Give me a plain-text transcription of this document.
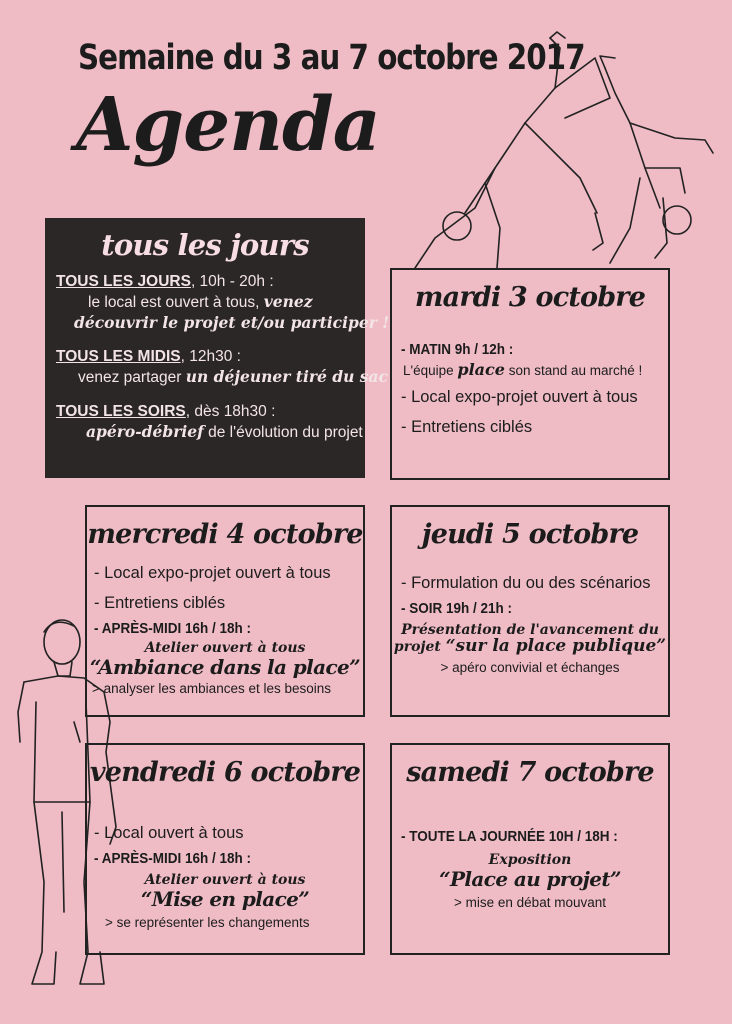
Semaine du 3 au 7 octobre 2017
Agenda
tous les jours
TOUS LES JOURS, 10h - 20h :
le local est ouvert à tous, venez
découvrir le projet et/ou participer !
TOUS LES MIDIS, 12h30 :
venez partager un déjeuner tiré du sac
TOUS LES SOIRS, dès 18h30 :
apéro-débrief de l'évolution du projet
mardi 3 octobre
- MATIN 9h / 12h :
L'équipe place son stand au marché !
- Local expo-projet ouvert à tous
- Entretiens ciblés
mercredi 4 octobre
- Local expo-projet ouvert à tous
- Entretiens ciblés
- APRÈS-MIDI 16h / 18h :
Atelier ouvert à tous
“Ambiance dans la place”
> analyser les ambiances et les besoins
jeudi 5 octobre
- Formulation du ou des scénarios
- SOIR 19h / 21h :
Présentation de l'avancement du
projet “sur la place publique”
> apéro convivial et échanges
vendredi 6 octobre
- Local ouvert à tous
- APRÈS-MIDI 16h / 18h :
Atelier ouvert à tous
“Mise en place”
> se représenter les changements
samedi 7 octobre
- TOUTE LA JOURNÉE 10H / 18H :
Exposition
“Place au projet”
> mise en débat mouvant
